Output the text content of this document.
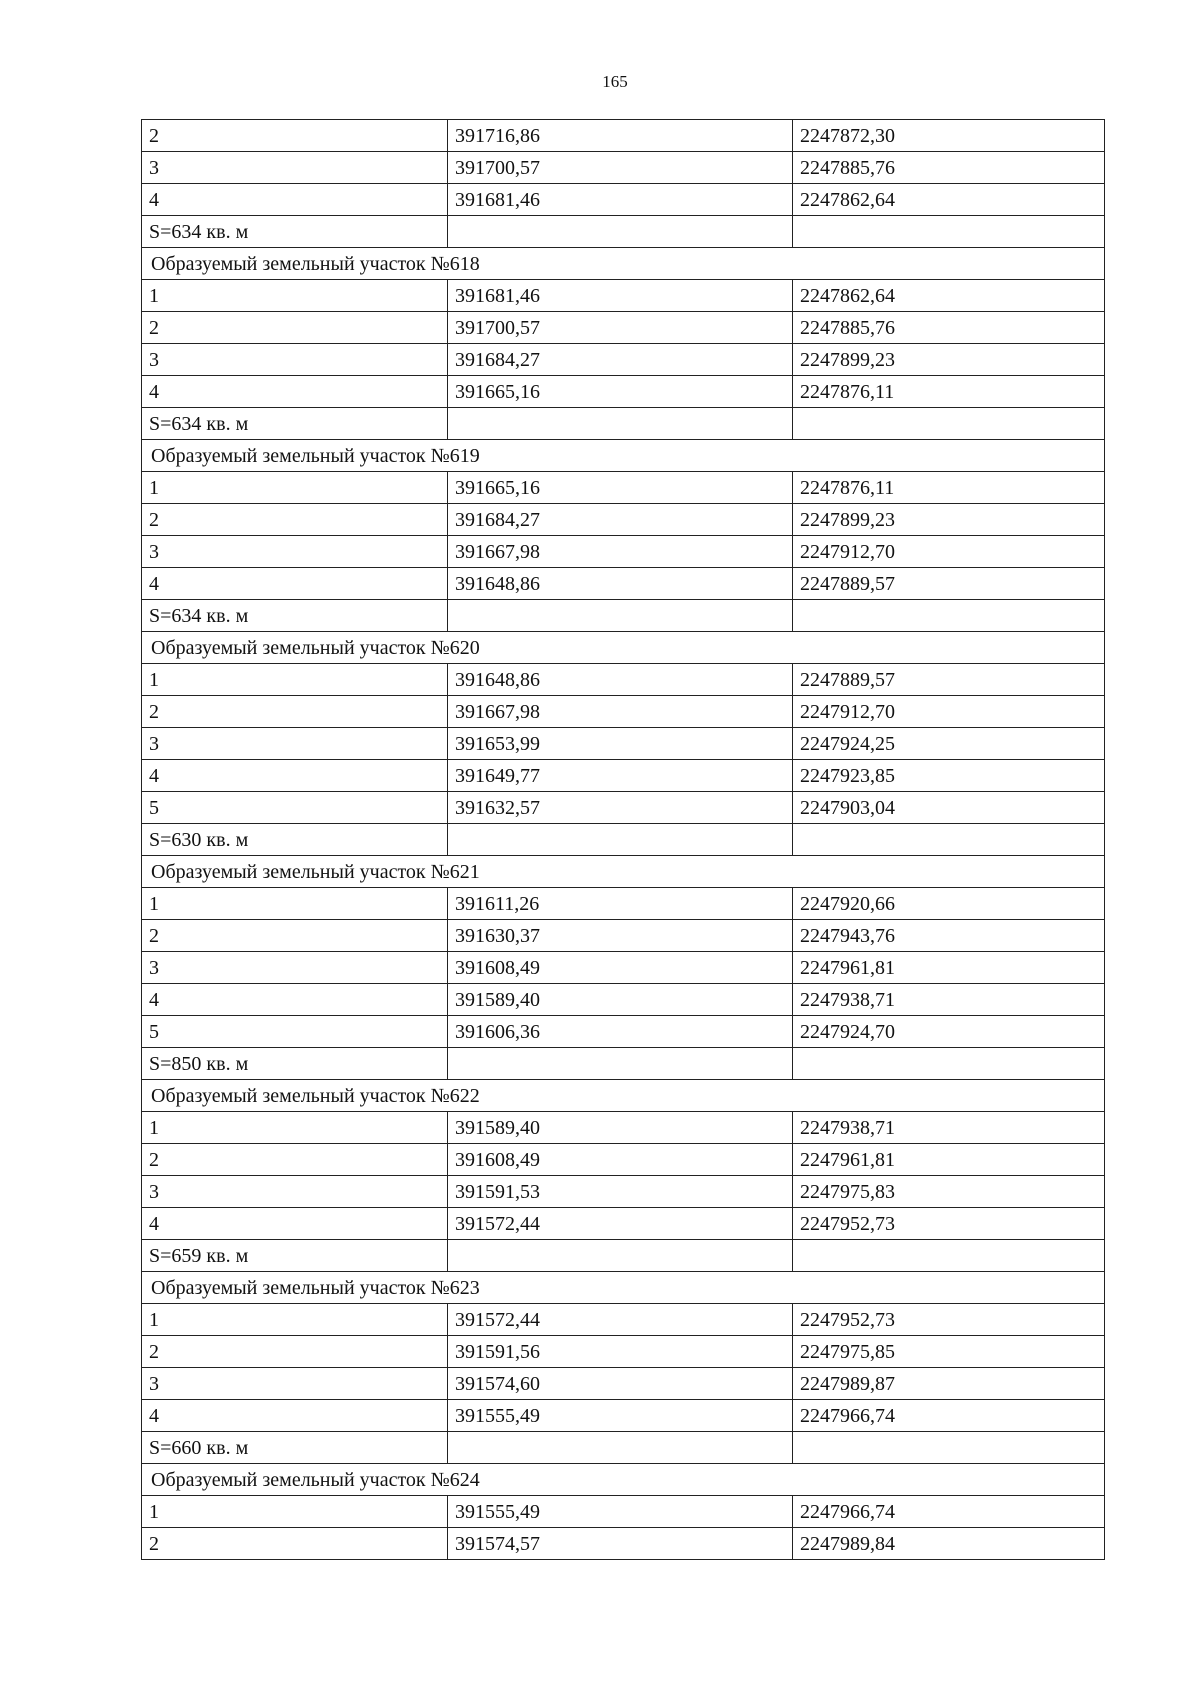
165
2	391716,86	2247872,30
3	391700,57	2247885,76
4	391681,46	2247862,64
S=634 кв. м		
Образуемый земельный участок №618		
1	391681,46	2247862,64
2	391700,57	2247885,76
3	391684,27	2247899,23
4	391665,16	2247876,11
S=634 кв. м		
Образуемый земельный участок №619		
1	391665,16	2247876,11
2	391684,27	2247899,23
3	391667,98	2247912,70
4	391648,86	2247889,57
S=634 кв. м		
Образуемый земельный участок №620		
1	391648,86	2247889,57
2	391667,98	2247912,70
3	391653,99	2247924,25
4	391649,77	2247923,85
5	391632,57	2247903,04
S=630 кв. м		
Образуемый земельный участок №621		
1	391611,26	2247920,66
2	391630,37	2247943,76
3	391608,49	2247961,81
4	391589,40	2247938,71
5	391606,36	2247924,70
S=850 кв. м		
Образуемый земельный участок №622		
1	391589,40	2247938,71
2	391608,49	2247961,81
3	391591,53	2247975,83
4	391572,44	2247952,73
S=659 кв. м		
Образуемый земельный участок №623		
1	391572,44	2247952,73
2	391591,56	2247975,85
3	391574,60	2247989,87
4	391555,49	2247966,74
S=660 кв. м		
Образуемый земельный участок №624		
1	391555,49	2247966,74
2	391574,57	2247989,84
